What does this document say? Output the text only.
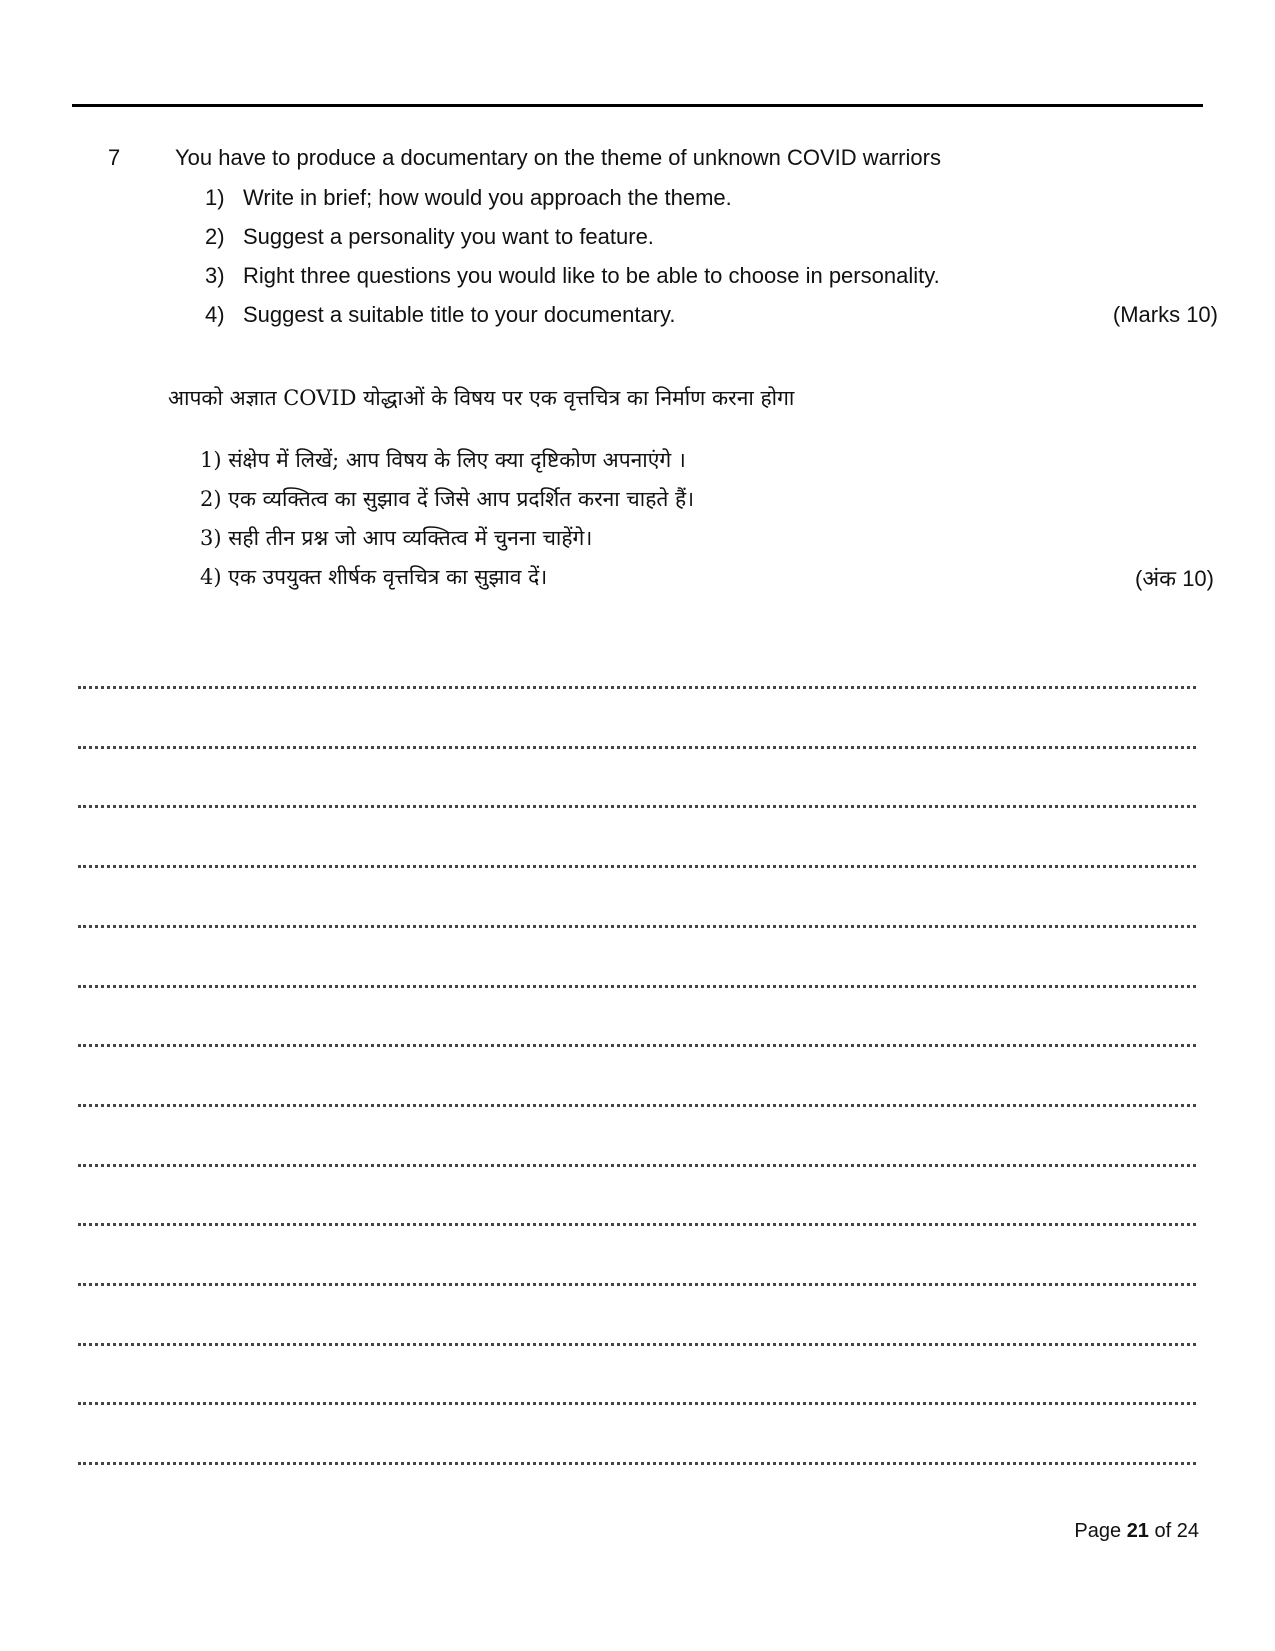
7 You have to produce a documentary on the theme of unknown COVID warriors
1) Write in brief; how would you approach the theme.
2) Suggest a personality you want to feature.
3) Right three questions you would like to be able to choose in personality.
4) Suggest a suitable title to your documentary.	(Marks 10)
आपको अज्ञात COVID योद्धाओं के विषय पर एक वृत्तचित्र का निर्माण करना होगा
1) संक्षेप में लिखें; आप विषय के लिए क्या दृष्टिकोण अपनाएंगे ।
2) एक व्यक्तित्व का सुझाव दें जिसे आप प्रदर्शित करना चाहते हैं।
3) सही तीन प्रश्न जो आप व्यक्तित्व में चुनना चाहेंगे।
4) एक उपयुक्त शीर्षक वृत्तचित्र का सुझाव दें।	(अंक 10)
Page 21 of 24
